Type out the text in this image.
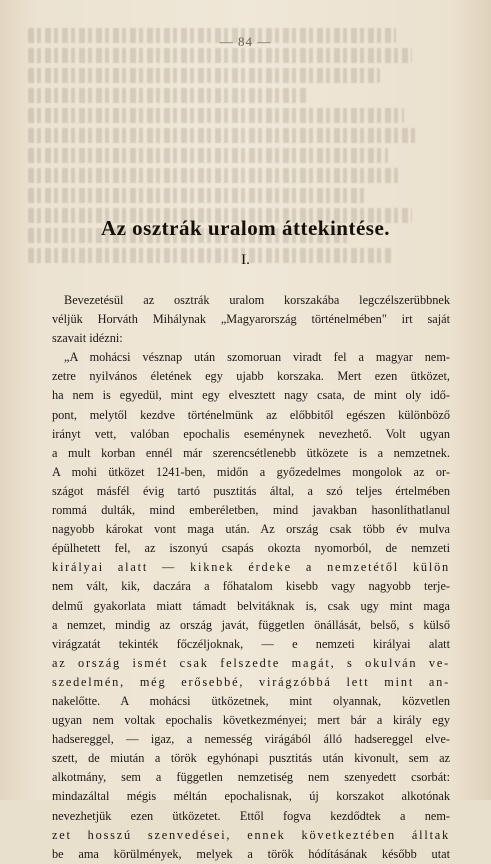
— 84 —
Az osztrák uralom áttekintése.
I.

Bevezetésül az osztrák uralom korszakába legczélszerübbnek

véljük Horváth Mihálynak „Magyarország történelmében" irt saját

szavait idézni:

„A mohácsi vésznap után szomoruan viradt fel a magyar nem-

zetre nyilvános életének egy ujabb korszaka. Mert ezen ütközet,

ha nem is egyedül, mint egy elvesztett nagy csata, de mint oly idő-

pont, melytől kezdve történelmünk az előbbitől egészen különböző

irányt vett, valóban epochalis eseménynek nevezhető. Volt ugyan

a mult korban ennél már szerencsétlenebb ütközete is a nemzetnek.

A mohi ütközet 1241-ben, midőn a győzedelmes mongolok az or-

szágot másfél évig tartó pusztitás által, a szó teljes értelmében

rommá dulták, mind emberéletben, mind javakban hasonlíthatlanul

nagyobb károkat vont maga után. Az ország csak több év mulva

épülhetett fel, az iszonyú csapás okozta nyomorból, de nemzeti

királyai alatt — kiknek érdeke a nemzetétől külön

nem vált, kik, daczára a főhatalom kisebb vagy nagyobb terje-

delmű gyakorlata miatt támadt belvitáknak is, csak ugy mint maga

a nemzet, mindig az ország javát, független önállását, belső, s külső

virágzatát tekinték főczéljoknak, — e nemzeti királyai alatt

az ország ismét csak felszedte magát, s okulván ve-

szedelmén, még erősebbé, virágzóbbá lett mint an-

nakelőtte. A mohácsi ütközetnek, mint olyannak, közvetlen

ugyan nem voltak epochalis következményei; mert bár a király egy

hadsereggel, — igaz, a nemesség virágából álló hadsereggel elve-

szett, de miután a török egyhónapi pusztitás után kivonult, sem az

alkotmány, sem a független nemzetiség nem szenyedett csorbát:

mindazáltal mégis méltán epochalisnak, új korszakot alkotónak

nevezhetjük ezen ütközetet. Ettől fogva kezdődtek a nem-

zet hosszú szenvedései, ennek következtében álltak

be ama körülmények, melyek a török hódításának később utat
